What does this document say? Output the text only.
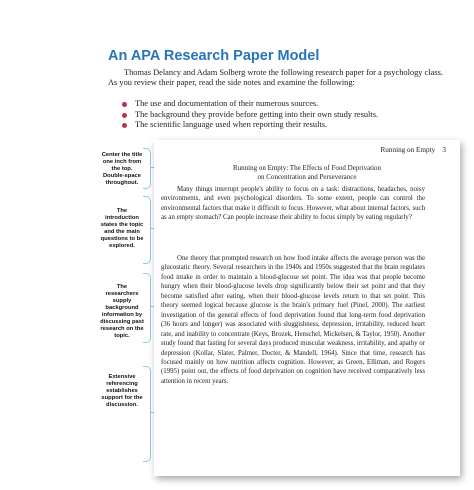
An APA Research Paper Model
Thomas Delancy and Adam Solberg wrote the following research paper for a psychology class. As you review their paper, read the side notes and examine the following:
The use and documentation of their numerous sources.
The background they provide before getting into their own study results.
The scientific language used when reporting their results.
Center the title one inch from the top. Double-space throughout.
The introduction states the topic and the main questions to be explored.
The researchers supply background information by discussing past research on the topic.
Extensive referencing establishes support for the discussion.
Running on Empty 3
Running on Empty: The Effects of Food Deprivation
on Concentration and Perseverance

Many things interrupt people's ability to focus on a task: distractions, headaches, noisy environments, and even psychological disorders. To some extent, people can control the environmental factors that make it difficult to focus. However, what about internal factors, such as an empty stomach? Can people increase their ability to focus simply by eating regularly?

One theory that prompted research on how food intake affects the average person was the glucostatic theory. Several researchers in the 1940s and 1950s suggested that the brain regulates food intake in order to maintain a blood-glucose set point. The idea was that people become hungry when their blood-glucose levels drop significantly below their set point and that they become satisfied after eating, when their blood-glucose levels return to that set point. This theory seemed logical because glucose is the brain's primary fuel (Pinel, 2000). The earliest investigation of the general effects of food deprivation found that long-term food deprivation (36 hours and longer) was associated with sluggishness, depression, irritability, reduced heart rate, and inability to concentrate (Keys, Brozek, Henschel, Mickelsen, & Taylor, 1950). Another study found that fasting for several days produced muscular weakness, irritability, and apathy or depression (Kollar, Slater, Palmer, Docter, & Mandell, 1964). Since that time, research has focused mainly on how nutrition affects cognition. However, as Green, Elliman, and Rogers (1995) point out, the effects of food deprivation on cognition have received comparatively less attention in recent years.
